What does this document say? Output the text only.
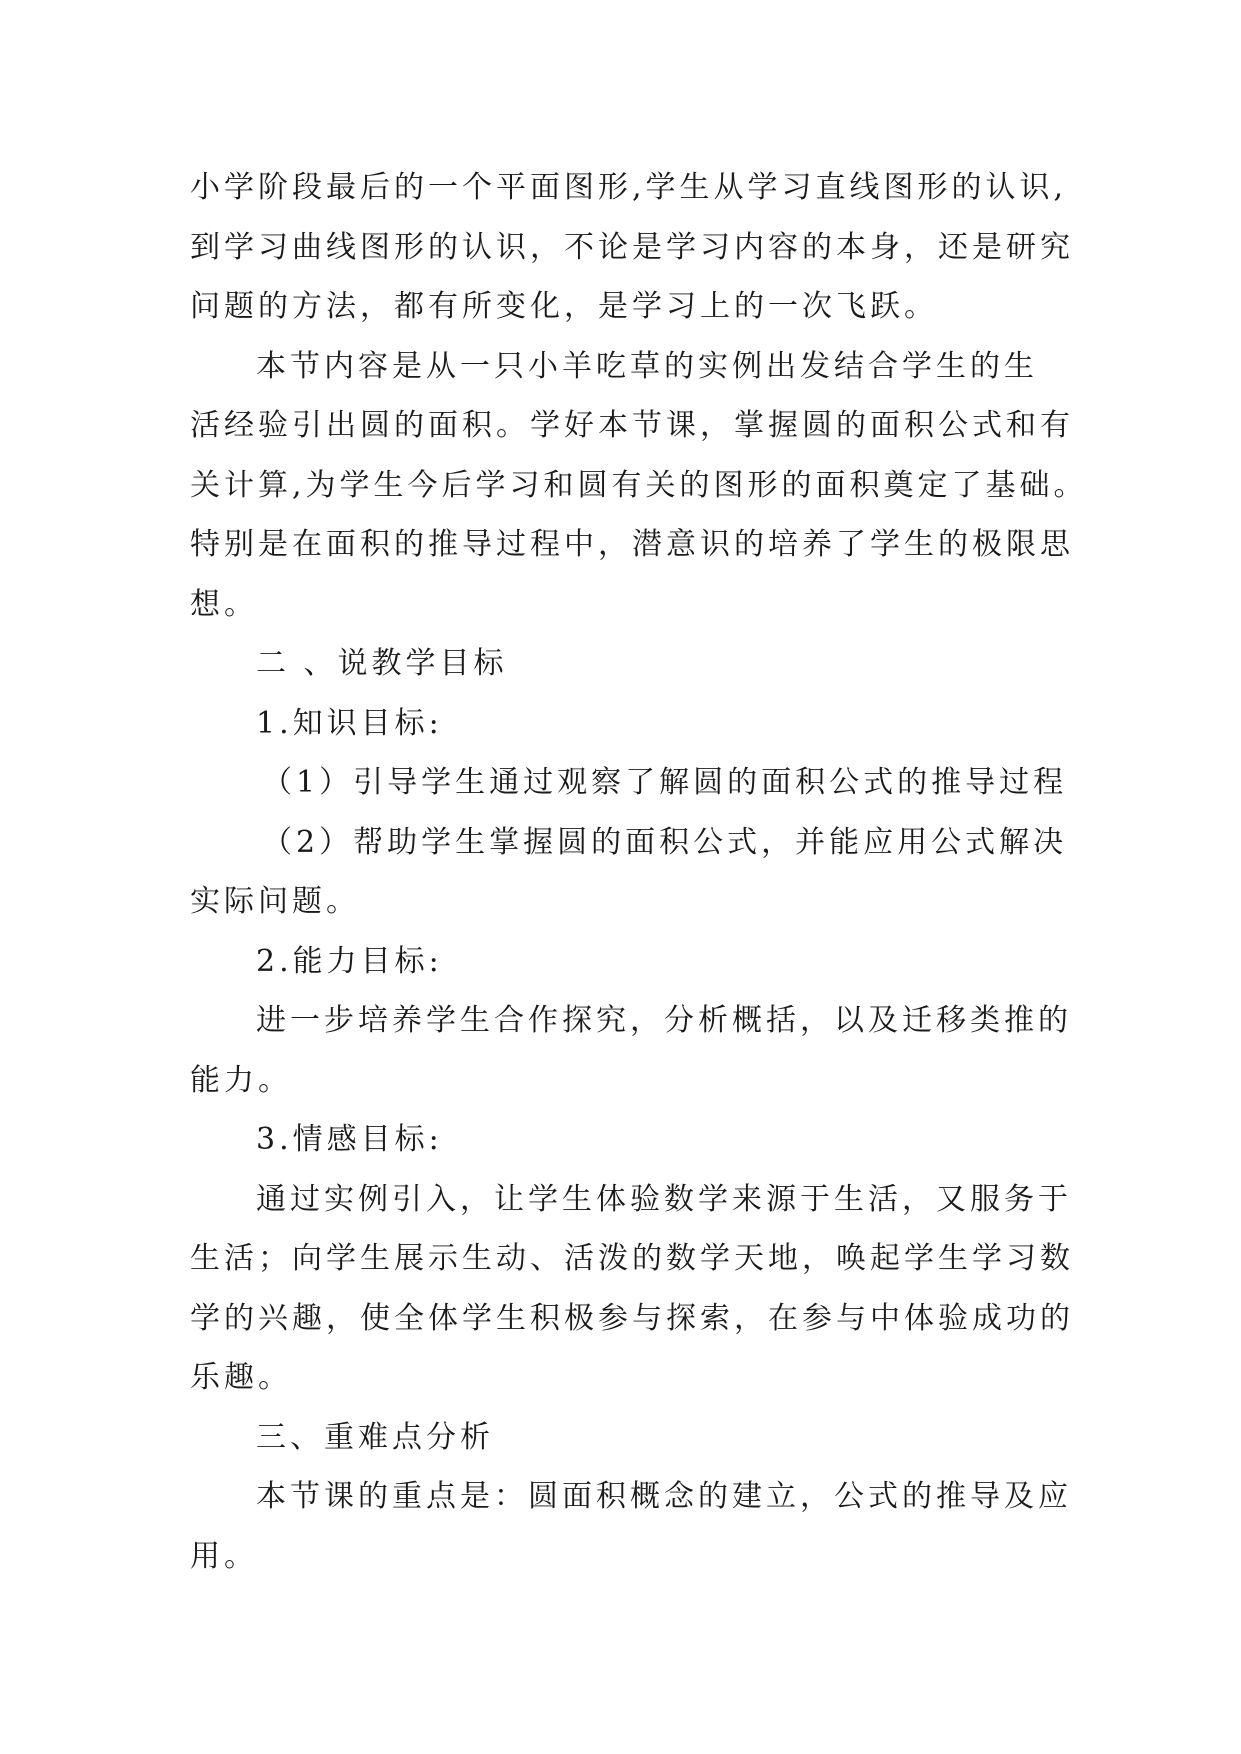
小学阶段最后的一个平面图形,学生从学习直线图形的认识,
到学习曲线图形的认识，不论是学习内容的本身，还是研究
问题的方法，都有所变化，是学习上的一次飞跃。
本节内容是从一只小羊吃草的实例出发结合学生的生
活经验引出圆的面积。学好本节课，掌握圆的面积公式和有
关计算,为学生今后学习和圆有关的图形的面积奠定了基础。
特别是在面积的推导过程中，潜意识的培养了学生的极限思
想。
二 、说教学目标
1.知识目标:
（1）引导学生通过观察了解圆的面积公式的推导过程
（2）帮助学生掌握圆的面积公式，并能应用公式解决
实际问题。
2.能力目标:
进一步培养学生合作探究，分析概括，以及迁移类推的
能力。
3.情感目标:
通过实例引入，让学生体验数学来源于生活，又服务于
生活；向学生展示生动、活泼的数学天地，唤起学生学习数
学的兴趣，使全体学生积极参与探索，在参与中体验成功的
乐趣。
三、重难点分析
本节课的重点是：圆面积概念的建立，公式的推导及应
用。
